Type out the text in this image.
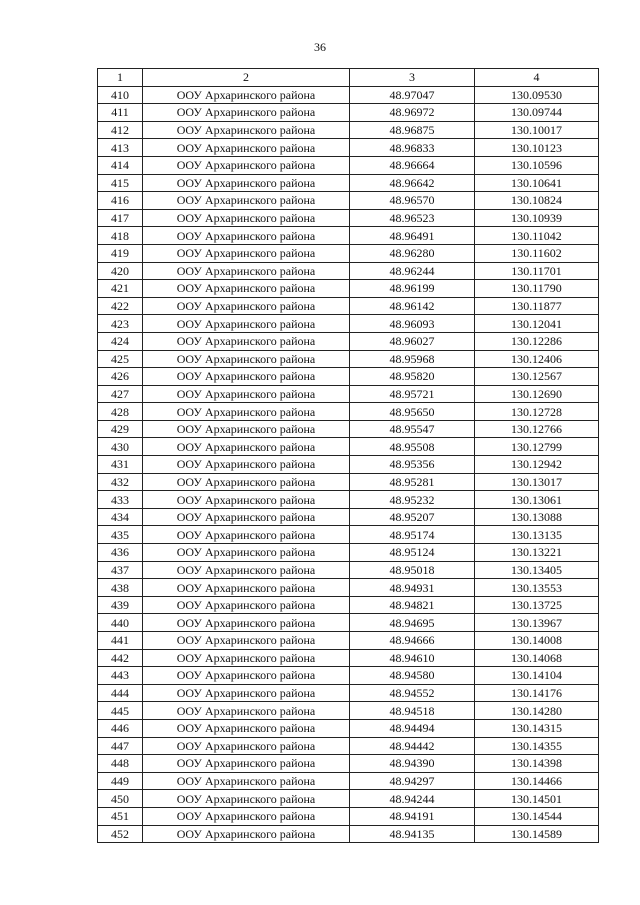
36
1	2	3	4
410	ООУ Архаринского района	48.97047	130.09530
411	ООУ Архаринского района	48.96972	130.09744
412	ООУ Архаринского района	48.96875	130.10017
413	ООУ Архаринского района	48.96833	130.10123
414	ООУ Архаринского района	48.96664	130.10596
415	ООУ Архаринского района	48.96642	130.10641
416	ООУ Архаринского района	48.96570	130.10824
417	ООУ Архаринского района	48.96523	130.10939
418	ООУ Архаринского района	48.96491	130.11042
419	ООУ Архаринского района	48.96280	130.11602
420	ООУ Архаринского района	48.96244	130.11701
421	ООУ Архаринского района	48.96199	130.11790
422	ООУ Архаринского района	48.96142	130.11877
423	ООУ Архаринского района	48.96093	130.12041
424	ООУ Архаринского района	48.96027	130.12286
425	ООУ Архаринского района	48.95968	130.12406
426	ООУ Архаринского района	48.95820	130.12567
427	ООУ Архаринского района	48.95721	130.12690
428	ООУ Архаринского района	48.95650	130.12728
429	ООУ Архаринского района	48.95547	130.12766
430	ООУ Архаринского района	48.95508	130.12799
431	ООУ Архаринского района	48.95356	130.12942
432	ООУ Архаринского района	48.95281	130.13017
433	ООУ Архаринского района	48.95232	130.13061
434	ООУ Архаринского района	48.95207	130.13088
435	ООУ Архаринского района	48.95174	130.13135
436	ООУ Архаринского района	48.95124	130.13221
437	ООУ Архаринского района	48.95018	130.13405
438	ООУ Архаринского района	48.94931	130.13553
439	ООУ Архаринского района	48.94821	130.13725
440	ООУ Архаринского района	48.94695	130.13967
441	ООУ Архаринского района	48.94666	130.14008
442	ООУ Архаринского района	48.94610	130.14068
443	ООУ Архаринского района	48.94580	130.14104
444	ООУ Архаринского района	48.94552	130.14176
445	ООУ Архаринского района	48.94518	130.14280
446	ООУ Архаринского района	48.94494	130.14315
447	ООУ Архаринского района	48.94442	130.14355
448	ООУ Архаринского района	48.94390	130.14398
449	ООУ Архаринского района	48.94297	130.14466
450	ООУ Архаринского района	48.94244	130.14501
451	ООУ Архаринского района	48.94191	130.14544
452	ООУ Архаринского района	48.94135	130.14589
